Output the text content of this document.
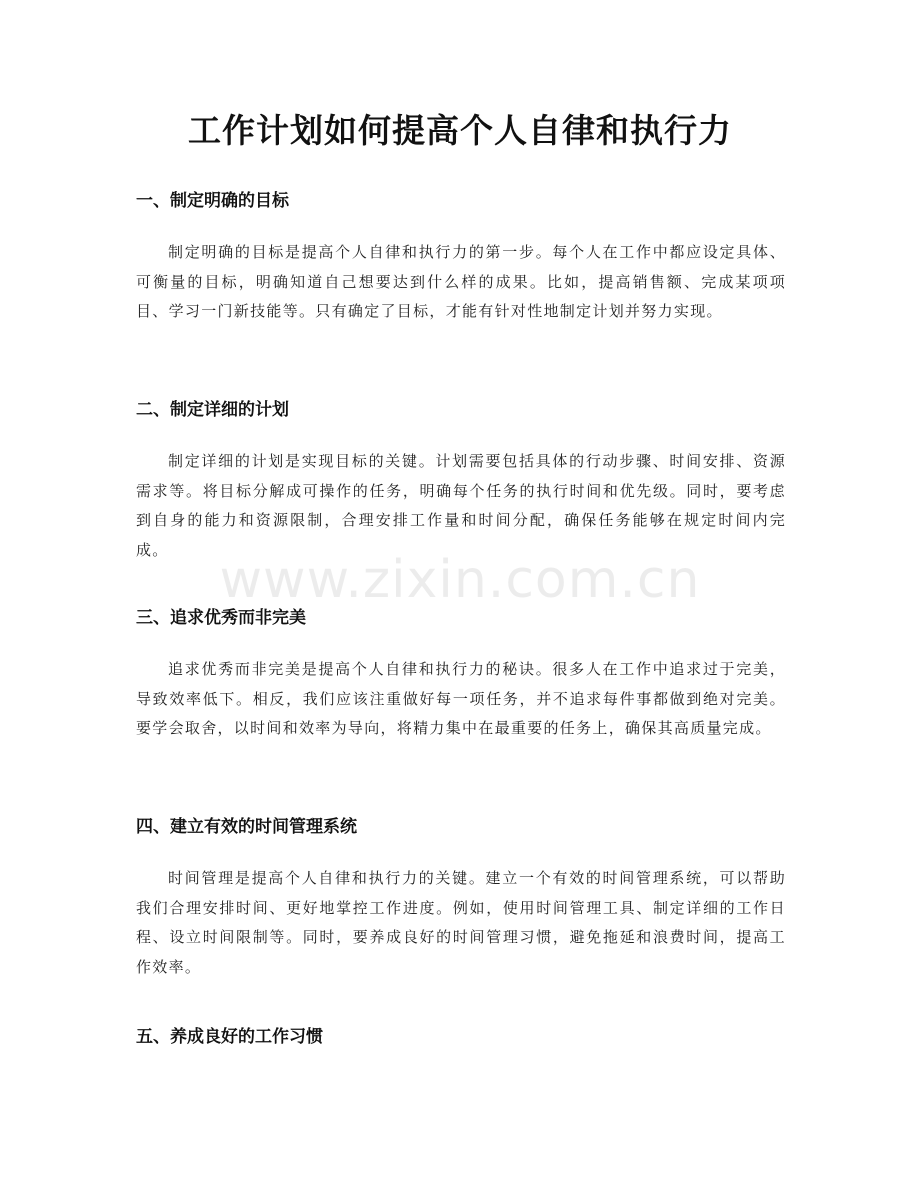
工作计划如何提高个人自律和执行力
一、制定明确的目标

制定明确的目标是提高个人自律和执行力的第一步。每个人在工作中都应设定具体、可衡量的目标，明确知道自己想要达到什么样的成果。比如，提高销售额、完成某项项目、学习一门新技能等。只有确定了目标，才能有针对性地制定计划并努力实现。

二、制定详细的计划

制定详细的计划是实现目标的关键。计划需要包括具体的行动步骤、时间安排、资源需求等。将目标分解成可操作的任务，明确每个任务的执行时间和优先级。同时，要考虑到自身的能力和资源限制，合理安排工作量和时间分配，确保任务能够在规定时间内完成。

三、追求优秀而非完美

追求优秀而非完美是提高个人自律和执行力的秘诀。很多人在工作中追求过于完美，导致效率低下。相反，我们应该注重做好每一项任务，并不追求每件事都做到绝对完美。要学会取舍，以时间和效率为导向，将精力集中在最重要的任务上，确保其高质量完成。

四、建立有效的时间管理系统

时间管理是提高个人自律和执行力的关键。建立一个有效的时间管理系统，可以帮助我们合理安排时间、更好地掌控工作进度。例如，使用时间管理工具、制定详细的工作日程、设立时间限制等。同时，要养成良好的时间管理习惯，避免拖延和浪费时间，提高工作效率。

五、养成良好的工作习惯
www.zixin.com.cn
